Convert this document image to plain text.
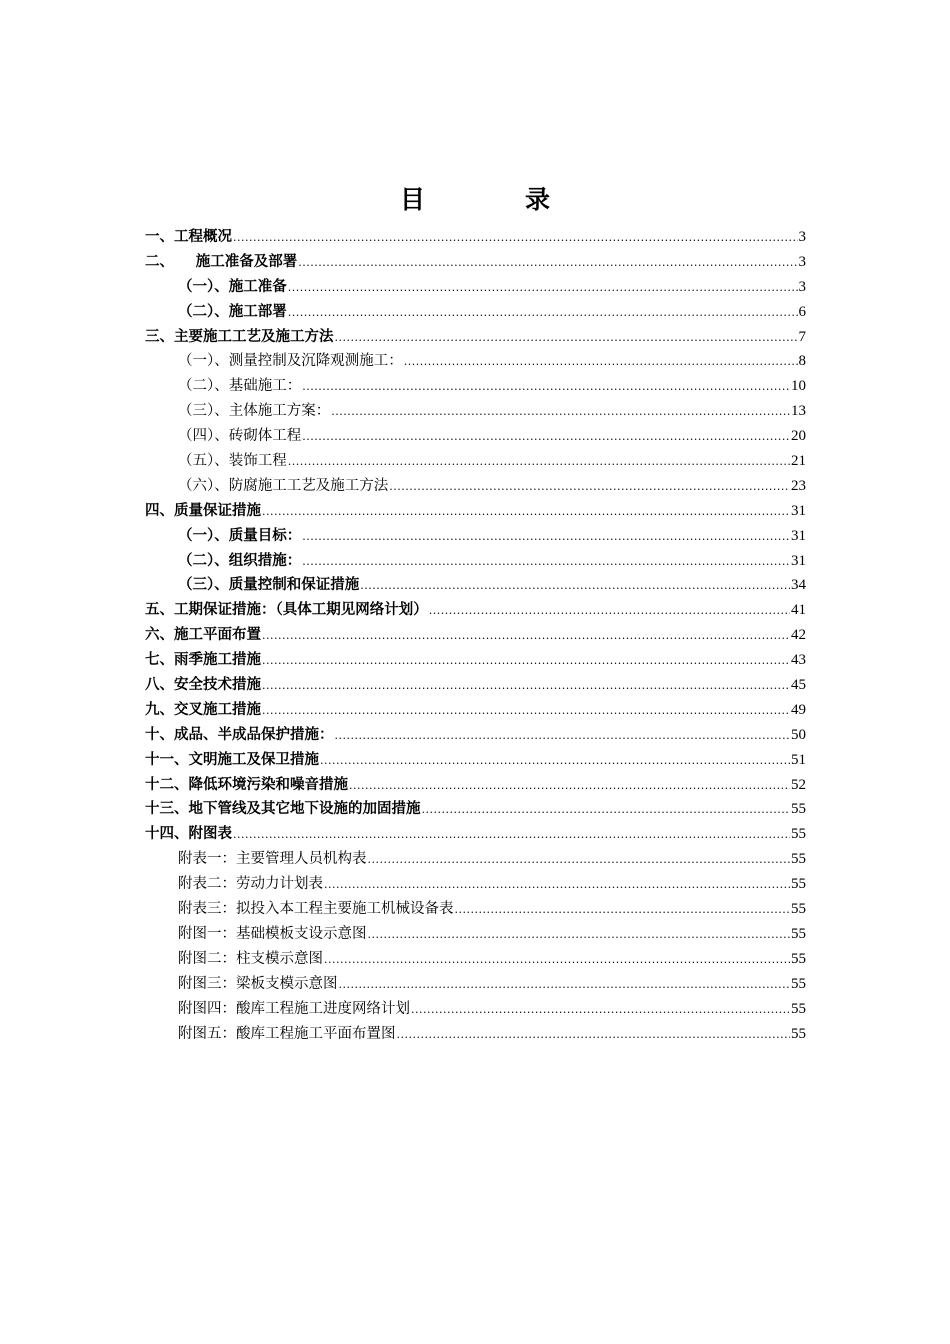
目　　　　录
一、工程概况 .....	3
二、　　施工准备及部署 .....	3
（一）、施工准备 .....	3
（二）、施工部署 .....	6
三、主要施工工艺及施工方法 .....	7
（一）、测量控制及沉降观测施工： .....	8
（二）、基础施工： .....	10
（三）、主体施工方案： .....	13
（四）、砖砌体工程 .....	20
（五）、装饰工程 .....	21
（六）、防腐施工工艺及施工方法 .....	23
四、质量保证措施 .....	31
（一）、质量目标： .....	31
（二）、组织措施： .....	31
（三）、质量控制和保证措施 .....	34
五、工期保证措施：（具体工期见网络计划） .....	41
六、施工平面布置 .....	42
七、雨季施工措施 .....	43
八、安全技术措施 .....	45
九、交叉施工措施 .....	49
十、成品、半成品保护措施： .....	50
十一、文明施工及保卫措施 .....	51
十二、降低环境污染和噪音措施 .....	52
十三、地下管线及其它地下设施的加固措施 .....	55
十四、附图表 .....	55
附表一：主要管理人员机构表 .....	55
附表二：劳动力计划表 .....	55
附表三：拟投入本工程主要施工机械设备表 .....	55
附图一：基础模板支设示意图 .....	55
附图二：柱支模示意图 .....	55
附图三：梁板支模示意图 .....	55
附图四：酸库工程施工进度网络计划 .....	55
附图五：酸库工程施工平面布置图 .....	55
